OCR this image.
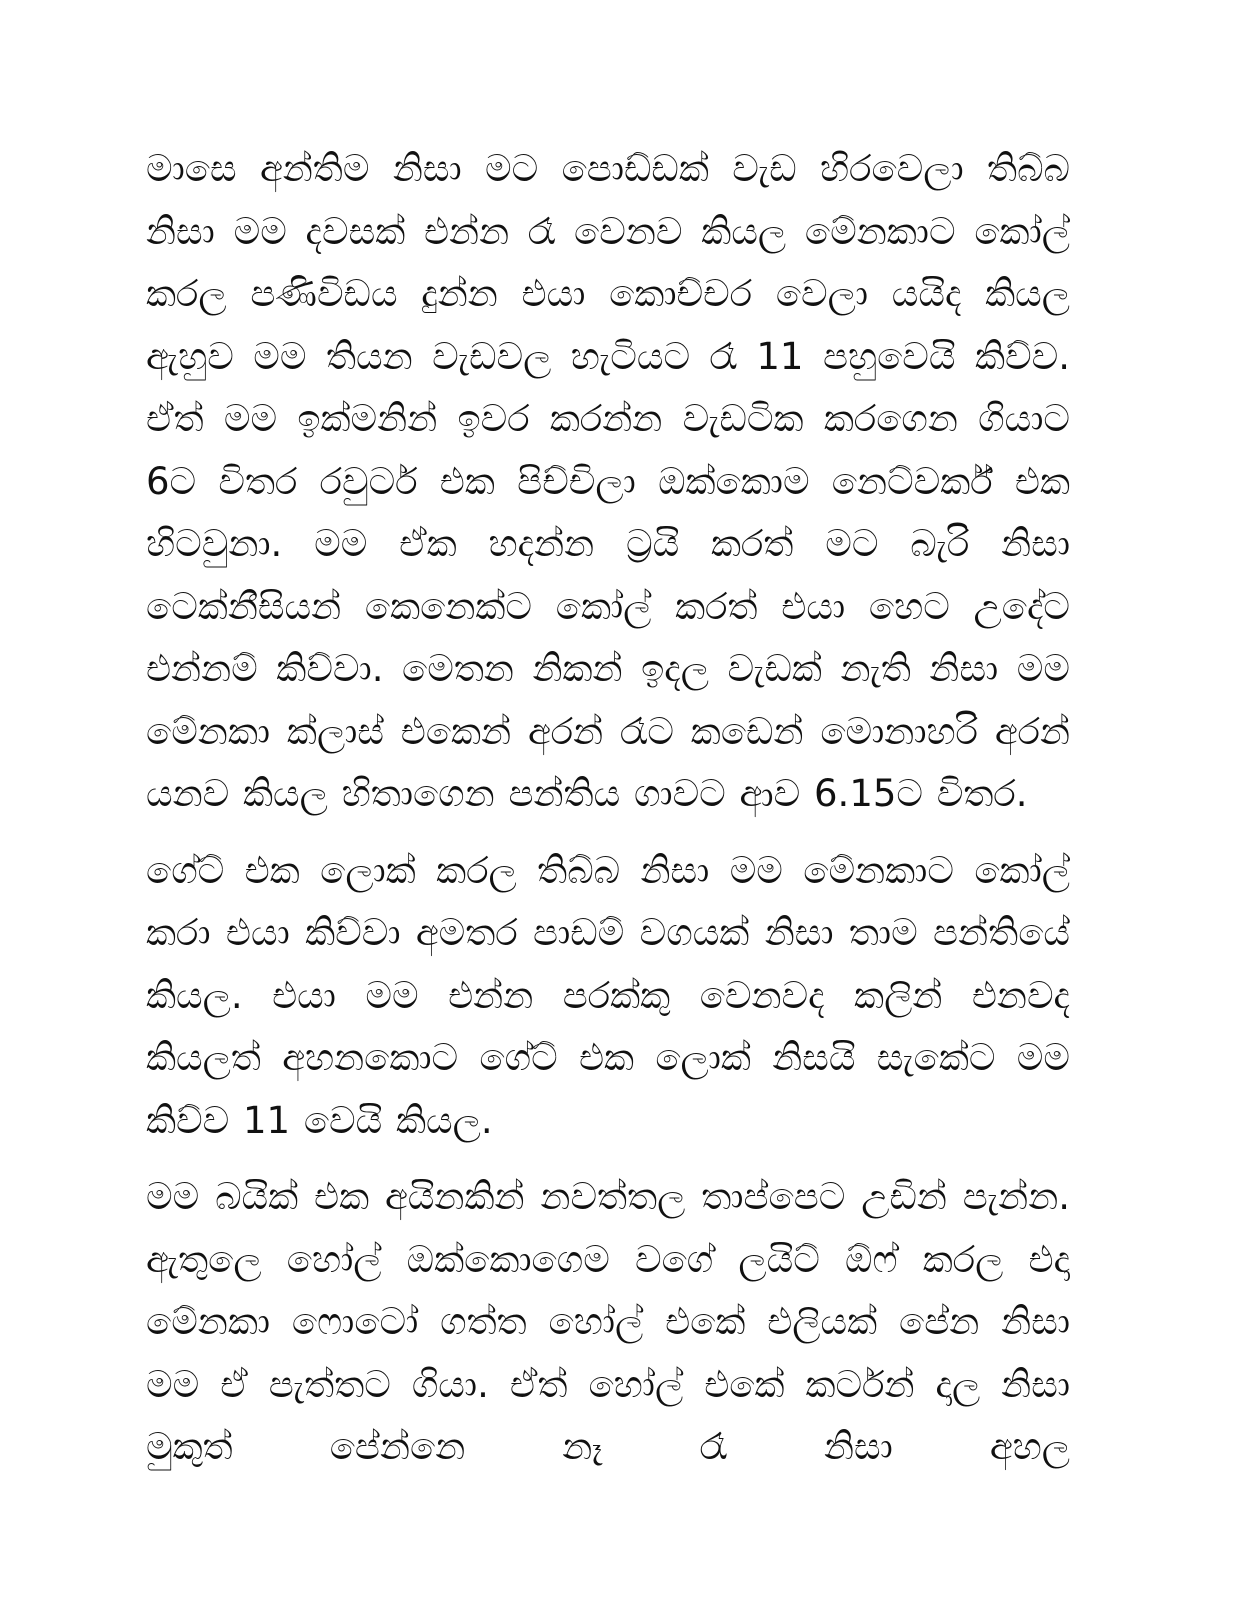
මාසෙ අන්තිම නිසා මට පොඩ්ඩක් වැඩ හිරවෙලා තිබ්බ නිසා මම දවසක් එන්න රෑ වෙනව කියල මේනකාට කෝල් කරල පණිවිඩය දුන්න එයා කොච්චර වෙලා යයිද කියල ඇහුව මම තියන වැඩවල හැටියට රෑ 11 පහුවෙයි කිව්ව. ඒත් මම ඉක්මනින් ඉවර කරන්න වැඩටික කරගෙන ගියාට 6ට විතර රවුටර් එක පිච්චිලා ඔක්කොම නෙට්වර්ක් එක හිටවුනා. මම ඒක හදන්න ට්‍රයි කරත් මට බැරි නිසා ටෙක්නීසියන් කෙනෙක්ට කෝල් කරත් එයා හෙට උදේට එන්නම් කිව්වා. මෙතන නිකන් ඉදල වැඩක් නැති නිසා මම මේනකා ක්ලාස් එකෙන් අරන් රෑට කඩෙන් මොනාහරි අරන් යනව කියල හිතාගෙන පන්තිය ගාවට ආව 6.15ට විතර.

ගේට් එක ලොක් කරල තිබ්බ නිසා මම මේනකාට කෝල් කරා එයා කිව්වා අමතර පාඩම් වගයක් නිසා තාම පන්තියේ කියල. එයා මම එන්න පරක්කු වෙනවද කලින් එනවද කියලත් අහනකොට ගේට් එක ලොක් නිසයි සැකේට මම කිව්ව 11 වෙයි කියල.

මම බයික් එක අයිනකින් නවත්තල තාප්පෙට උඩින් පැන්න. ඇතුලෙ හෝල් ඔක්කොගෙම වගේ ලයිට් ඕෆ් කරල එදා මේනකා ෆොටෝ ගත්ත හෝල් එකේ එලියක් පේන නිසා මම ඒ පැත්තට ගියා. ඒත් හෝල් එකේ කර්ටන් දාල නිසා මුකුත් පේන්නෙ නෑ රෑ නිසා අහල
